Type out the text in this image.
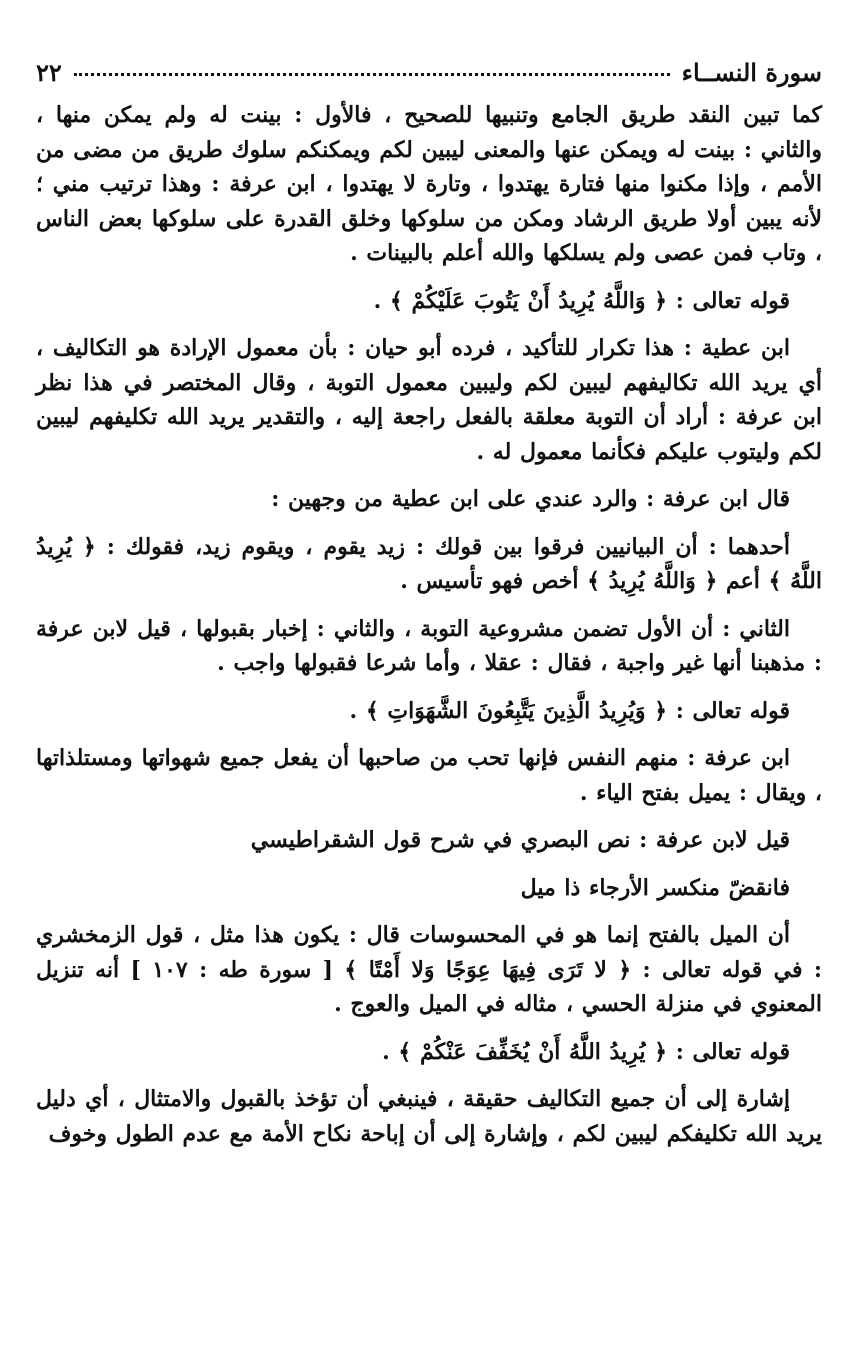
٢٢	سورة النســاء

كما تبين النقد طريق الجامع وتنبيها للصحيح ، فالأول : بينت له ولم يمكن منها ، والثاني : بينت له ويمكن عنها والمعنى ليبين لكم ويمكنكم سلوك طريق من مضى من الأمم ، وإذا مكنوا منها فتارة يهتدوا ، وتارة لا يهتدوا ، ابن عرفة : وهذا ترتيب مني ؛ لأنه يبين أولا طريق الرشاد ومكن من سلوكها وخلق القدرة على سلوكها بعض الناس ، وتاب فمن عصى ولم يسلكها والله أعلم بالبينات .

قوله تعالى : ﴿ وَاللَّهُ يُرِيدُ أَنْ يَتُوبَ عَلَيْكُمْ ﴾ .

ابن عطية : هذا تكرار للتأكيد ، فرده أبو حيان : بأن معمول الإرادة هو التكاليف ، أي يريد الله تكاليفهم ليبين لكم وليبين معمول التوبة ، وقال المختصر في هذا نظر ابن عرفة : أراد أن التوبة معلقة بالفعل راجعة إليه ، والتقدير يريد الله تكليفهم ليبين لكم وليتوب عليكم فكأنما معمول له .

قال ابن عرفة : والرد عندي على ابن عطية من وجهين :

أحدهما : أن البيانيين فرقوا بين قولك : زيد يقوم ، ويقوم زيد، فقولك : ﴿ يُرِيدُ اللَّهُ ﴾ أعم ﴿ وَاللَّهُ يُرِيدُ ﴾ أخص فهو تأسيس .

الثاني : أن الأول تضمن مشروعية التوبة ، والثاني : إخبار بقبولها ، قيل لابن عرفة : مذهبنا أنها غير واجبة ، فقال : عقلا ، وأما شرعا فقبولها واجب .

قوله تعالى : ﴿ وَيُرِيدُ الَّذِينَ يَتَّبِعُونَ الشَّهَوَاتِ ﴾ .

ابن عرفة : منهم النفس فإنها تحب من صاحبها أن يفعل جميع شهواتها ومستلذاتها ، ويقال : يميل بفتح الياء .

قيل لابن عرفة : نص البصري في شرح قول الشقراطيسي

فانقضّ منكسر الأرجاء ذا ميل

أن الميل بالفتح إنما هو في المحسوسات قال : يكون هذا مثل ، قول الزمخشري : في قوله تعالى : ﴿ لا تَرَى فِيهَا عِوَجًا وَلا أَمْتًا ﴾ [ سورة طه : ١٠٧ ] أنه تنزيل المعنوي في منزلة الحسي ، مثاله في الميل والعوج .

قوله تعالى : ﴿ يُرِيدُ اللَّهُ أَنْ يُخَفِّفَ عَنْكُمْ ﴾ .

إشارة إلى أن جميع التكاليف حقيقة ، فينبغي أن تؤخذ بالقبول والامتثال ، أي دليل يريد الله تكليفكم ليبين لكم ، وإشارة إلى أن إباحة نكاح الأمة مع عدم الطول وخوف
